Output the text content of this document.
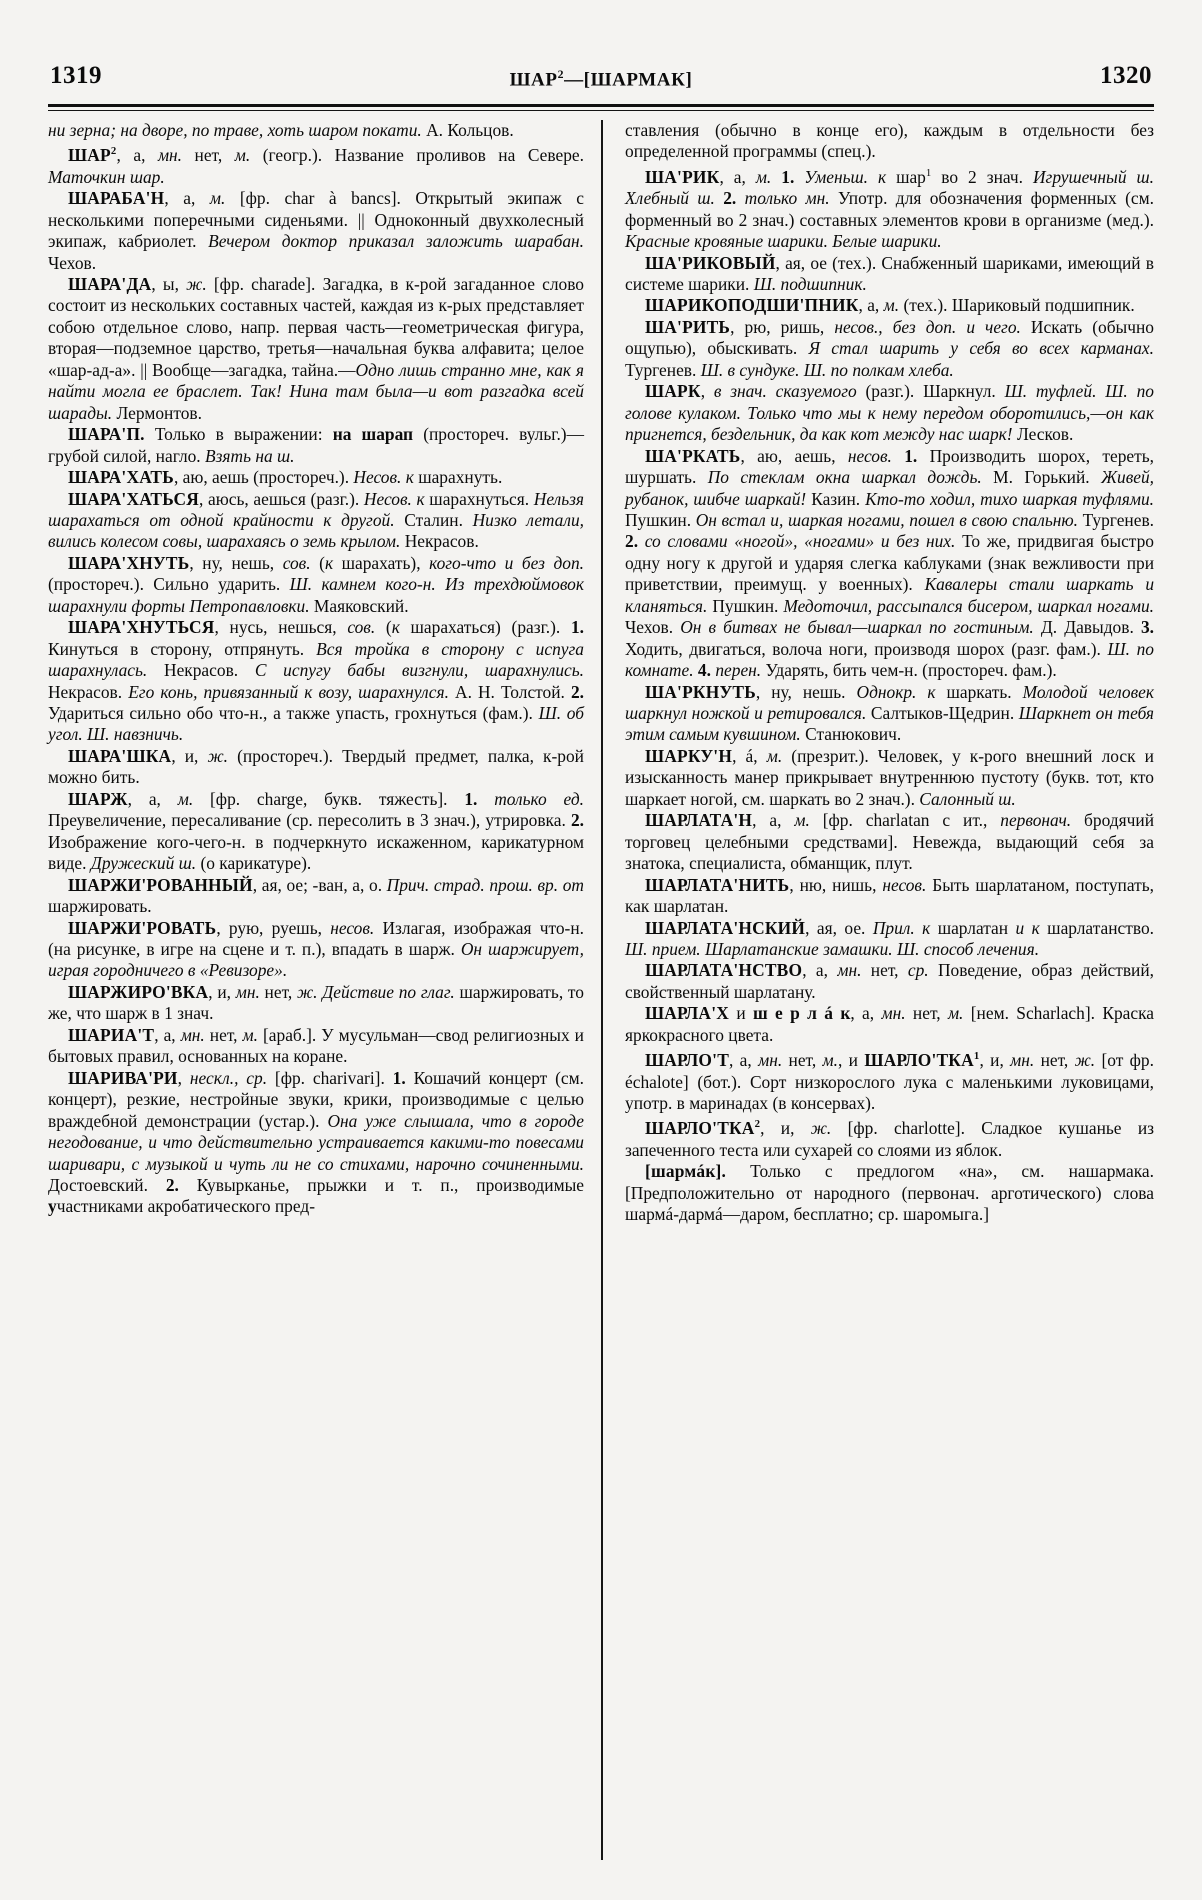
1319	ШАР$^2$—[ШАРМАК]	1320

ни зерна; на дворе, по траве, хоть шаром покати. А. Кольцов.

ШАР$^2$, а, мн. нет, м. (геогр.). Название проливов на Севере. Маточкин шар.

ШАРАБА'Н, а, м. [фр. char à bancs]. Открытый экипаж с несколькими поперечными сиденьями. || Одноконный двухколесный экипаж, кабриолет. Вечером доктор приказал заложить шарабан. Чехов.

ШАРА'ДА, ы, ж. [фр. charade]. Загадка, в к-рой загаданное слово состоит из нескольких составных частей, каждая из к-рых представляет собою отдельное слово, напр. первая часть—геометрическая фигура, вторая—подземное царство, третья—начальная буква алфавита; целое «шар-ад-а». || Вообще—загадка, тайна.—Одно лишь странно мне, как я найти могла ее браслет. Так! Нина там была—и вот разгадка всей шарады. Лермонтов.

ШАРА'П. Только в выражении: на шарап (простореч. вульг.)—грубой силой, нагло. Взять на ш.

ШАРА'ХАТЬ, аю, аешь (простореч.). Несов. к шарахнуть.

ШАРА'ХАТЬСЯ, аюсь, аешься (разг.). Несов. к шарахнуться. Нельзя шарахаться от одной крайности к другой. Сталин. Низко летали, вились колесом совы, шарахаясь о земь крылом. Некрасов.

ШАРА'ХНУТЬ, ну, нешь, сов. (к шарахать), кого-что и без доп. (простореч.). Сильно ударить. Ш. камнем кого-н. Из трехдюймовок шарахнули форты Петропавловки. Маяковский.

ШАРА'ХНУТЬСЯ, нусь, нешься, сов. (к шарахаться) (разг.). 1. Кинуться в сторону, отпрянуть. Вся тройка в сторону с испуга шарахнулась. Некрасов. С испугу бабы визгнули, шарахнулись. Некрасов. Его конь, привязанный к возу, шарахнулся. А. Н. Толстой. 2. Удариться сильно обо что-н., а также упасть, грохнуться (фам.). Ш. об угол. Ш. навзничь.

ШАРА'ШКА, и, ж. (простореч.). Твердый предмет, палка, к-рой можно бить.

ШАРЖ, а, м. [фр. charge, букв. тяжесть]. 1. только ед. Преувеличение, пересаливание (ср. пересолить в 3 знач.), утрировка. 2. Изображение кого-чего-н. в подчеркнуто искаженном, карикатурном виде. Дружеский ш. (о карикатуре).

ШАРЖИ'РОВАННЫЙ, ая, ое; -ван, а, о. Прич. страд. прош. вр. от шаржировать.

ШАРЖИ'РОВАТЬ, рую, руешь, несов. Излагая, изображая что-н. (на рисунке, в игре на сцене и т. п.), впадать в шарж. Он шаржирует, играя городничего в «Ревизоре».

ШАРЖИРО'ВКА, и, мн. нет, ж. Действие по глаг. шаржировать, то же, что шарж в 1 знач.

ШАРИА'Т, а, мн. нет, м. [араб.]. У мусульман—свод религиозных и бытовых правил, основанных на коране.

ШАРИВА'РИ, нескл., ср. [фр. charivari]. 1. Кошачий концерт (см. концерт), резкие, нестройные звуки, крики, производимые с целью враждебной демонстрации (устар.). Она уже слышала, что в городе негодование, и что действительно устраивается какими-то повесами шаривари, с музыкой и чуть ли не со стихами, нарочно сочиненными. Достоевский. 2. Кувырканье, прыжки и т. п., производимые участниками акробатического пред-

ставления (обычно в конце его), каждым в отдельности без определенной программы (спец.).

ША'РИК, а, м. 1. Уменьш. к шар$^1$ во 2 знач. Игрушечный ш. Хлебный ш. 2. только мн. Употр. для обозначения форменных (см. форменный во 2 знач.) составных элементов крови в организме (мед.). Красные кровяные шарики. Белые шарики.

ША'РИКОВЫЙ, ая, ое (тех.). Снабженный шариками, имеющий в системе шарики. Ш. подшипник.

ШАРИКОПОДШИ'ПНИК, а, м. (тех.). Шариковый подшипник.

ША'РИТЬ, рю, ришь, несов., без доп. и чего. Искать (обычно ощупью), обыскивать. Я стал шарить у себя во всех карманах. Тургенев. Ш. в сундуке. Ш. по полкам хлеба.

ШАРК, в знач. сказуемого (разг.). Шаркнул. Ш. туфлей. Ш. по голове кулаком. Только что мы к нему передом оборотились,—он как пригнется, бездельник, да как кот между нас шарк! Лесков.

ША'РКАТЬ, аю, аешь, несов. 1. Производить шорох, тереть, шуршать. По стеклам окна шаркал дождь. М. Горький. Живей, рубанок, шибче шаркай! Казин. Кто-то ходил, тихо шаркая туфлями. Пушкин. Он встал и, шаркая ногами, пошел в свою спальню. Тургенев. 2. со словами «ногой», «ногами» и без них. То же, придвигая быстро одну ногу к другой и ударяя слегка каблуками (знак вежливости при приветствии, преимущ. у военных). Кавалеры стали шаркать и кланяться. Пушкин. Медоточил, рассыпался бисером, шаркал ногами. Чехов. Он в битвах не бывал—шаркал по гостиным. Д. Давыдов. 3. Ходить, двигаться, волоча ноги, производя шорох (разг. фам.). Ш. по комнате. 4. перен. Ударять, бить чем-н. (простореч. фам.).

ША'РКНУТЬ, ну, нешь. Однокр. к шаркать. Молодой человек шаркнул ножкой и ретировался. Салтыков-Щедрин. Шаркнет он тебя этим самым кувшином. Станюкович.

ШАРКУ'Н, á, м. (презрит.). Человек, у к-рого внешний лоск и изысканность манер прикрывает внутреннюю пустоту (букв. тот, кто шаркает ногой, см. шаркать во 2 знач.). Салонный ш.

ШАРЛАТА'Н, а, м. [фр. charlatan с ит., первонач. бродячий торговец целебными средствами]. Невежда, выдающий себя за знатока, специалиста, обманщик, плут.

ШАРЛАТА'НИТЬ, ню, нишь, несов. Быть шарлатаном, поступать, как шарлатан.

ШАРЛАТА'НСКИЙ, ая, ое. Прил. к шарлатан и к шарлатанство. Ш. прием. Шарлатанские замашки. Ш. способ лечения.

ШАРЛАТА'НСТВО, а, мн. нет, ср. Поведение, образ действий, свойственный шарлатану.

ШАРЛА'Х и ш е р л á к, а, мн. нет, м. [нем. Scharlach]. Краска яркокрасного цвета.

ШАРЛО'Т, а, мн. нет, м., и ШАРЛО'ТКА$^1$, и, мн. нет, ж. [от фр. échalote] (бот.). Сорт низкорослого лука с маленькими луковицами, употр. в маринадах (в консервах).

ШАРЛО'ТКА$^2$, и, ж. [фр. charlotte]. Сладкое кушанье из запеченного теста или сухарей со слоями из яблок.

[шармáк]. Только с предлогом «на», см. нашармака. [Предположительно от народного (первонач. арготического) слова шармá-дармá—даром, бесплатно; ср. шаромыга.]
